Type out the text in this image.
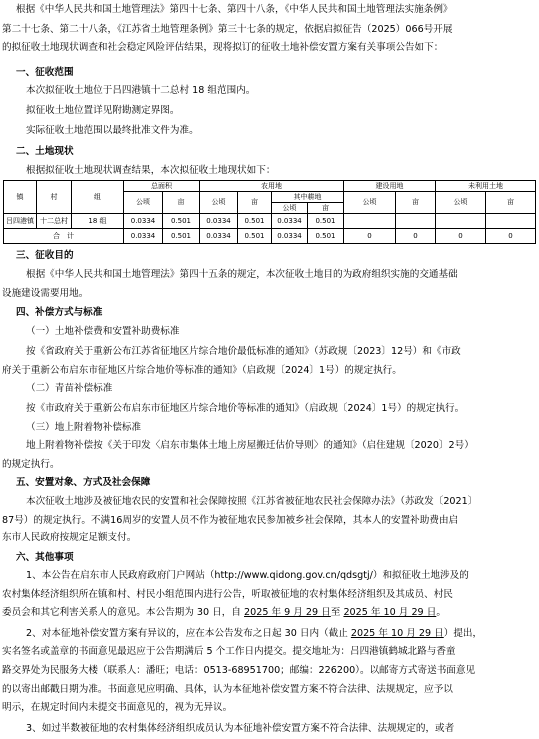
根据《中华人民共和国土地管理法》第四十七条、第四十八条，《中华人民共和国土地管理法实施条例》
第二十七条、第二十八条，《江苏省土地管理条例》第三十七条的规定，依据启拟征告（2025）066号开展
的拟征收土地现状调查和社会稳定风险评估结果，现将拟订的征收土地补偿安置方案有关事项公告如下：
一、征收范围
本次拟征收土地位于吕四港镇十二总村 18 组范围内。
拟征收土地位置详见附勘测定界图。
实际征收土地范围以最终批准文件为准。
二、土地现状
根据拟征收土地现状调查结果，本次拟征收土地现状如下：
镇	村	组	总面积		农用地				建设用地		未利用土地	
			公顷	亩	公顷	亩	其中耕地		公顷	亩	公顷	亩
							公顷	亩				
吕四港镇	十二总村	18 组	0.0334	0.501	0.0334	0.501	0.0334	0.501				
合　计			0.0334	0.501	0.0334	0.501	0.0334	0.501	0	0	0	0
三、征收目的
根据《中华人民共和国土地管理法》第四十五条的规定，本次征收土地目的为政府组织实施的交通基础
设施建设需要用地。
四、补偿方式与标准
（一）土地补偿费和安置补助费标准
按《省政府关于重新公布江苏省征地区片综合地价最低标准的通知》（苏政规〔2023〕12号）和《市政
府关于重新公布启东市征地区片综合地价等标准的通知》（启政规〔2024〕1号）的规定执行。
（二）青苗补偿标准
按《市政府关于重新公布启东市征地区片综合地价等标准的通知》（启政规〔2024〕1号）的规定执行。
（三）地上附着物补偿标准
地上附着物补偿按《关于印发〈启东市集体土地上房屋搬迁估价导则〉的通知》（启住建规〔2020〕2号）
的规定执行。
五、安置对象、方式及社会保障
本次征收土地涉及被征地农民的安置和社会保障按照《江苏省被征地农民社会保障办法》（苏政发〔2021〕
87号）的规定执行。不满16周岁的安置人员不作为被征地农民参加被乡社会保障，其本人的安置补助费由启
东市人民政府按规定足额支付。
六、其他事项
1、本公告在启东市人民政府政府门户网站（http://www.qidong.gov.cn/qdsgtj/）和拟征收土地涉及的
农村集体经济组织所在镇和村、村民小组范围内进行公告，听取被征地的农村集体经济组织及其成员、村民
委员会和其它利害关系人的意见。本公告期为 30 日，自 2025 年 9 月 29 日至 2025 年 10 月 29 日。
2、对本征地补偿安置方案有异议的，应在本公告发布之日起 30 日内（截止 2025 年 10 月 29 日）提出，
实名签名或盖章的书面意见最迟应于公告期满后 5 个工作日内提交。提交地址为：吕四港镇鹤城北路与香童
路交界处为民服务大楼（联系人：潘旺；电话：0513-68951700；邮编：226200）。以邮寄方式寄送书面意见
的以寄出邮戳日期为准。书面意见应明确、具体，认为本征地补偿安置方案不符合法律、法规规定，应予以
明示，在规定时间内未提交书面意见的，视为无异议。
3、如过半数被征地的农村集体经济组织成员认为本征地补偿安置方案不符合法律、法规规定的，或者
